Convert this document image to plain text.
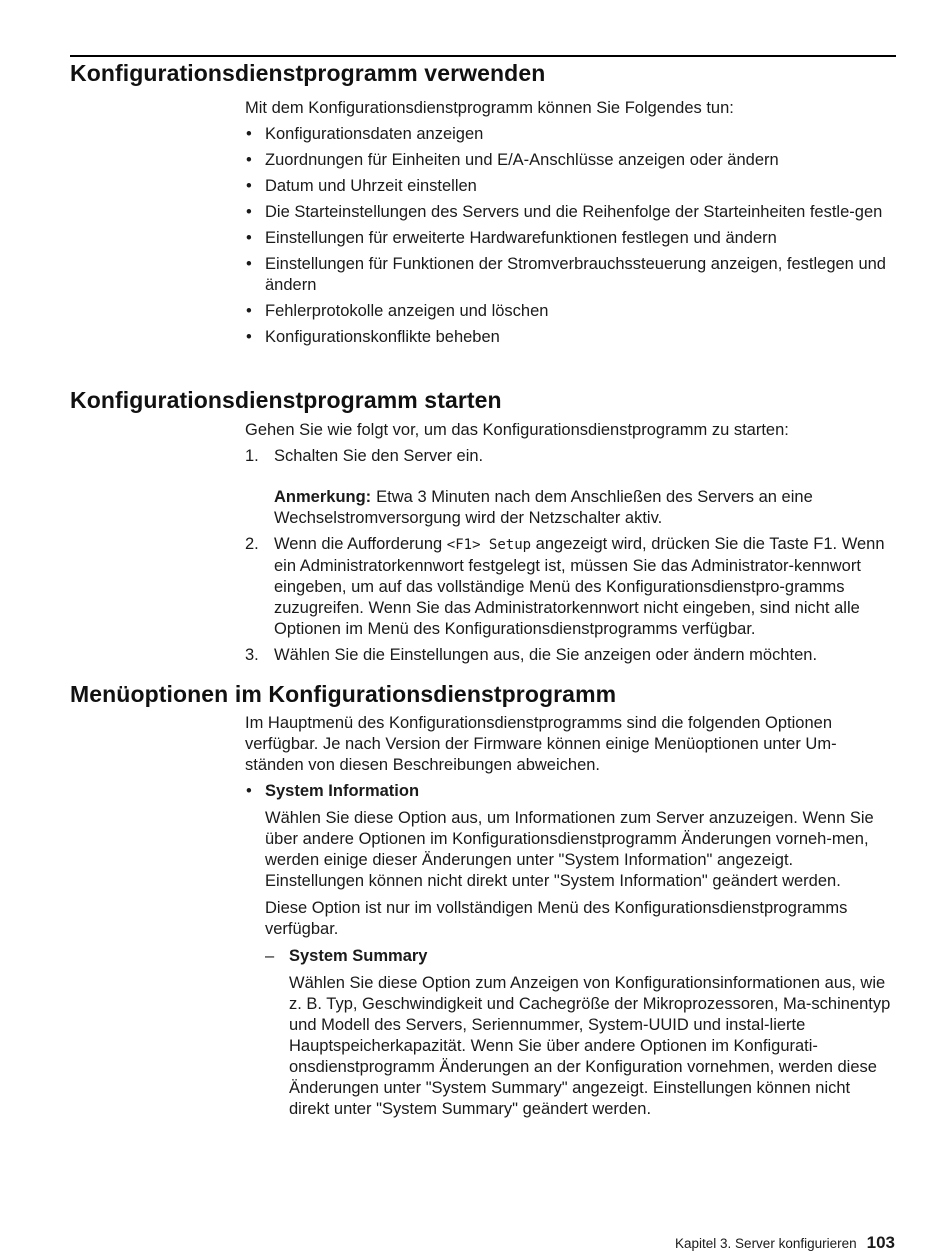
Konfigurationsdienstprogramm verwenden

Mit dem Konfigurationsdienstprogramm können Sie Folgendes tun:

• Konfigurationsdaten anzeigen
• Zuordnungen für Einheiten und E/A-Anschlüsse anzeigen oder ändern
• Datum und Uhrzeit einstellen
• Die Starteinstellungen des Servers und die Reihenfolge der Starteinheiten festle-gen
• Einstellungen für erweiterte Hardwarefunktionen festlegen und ändern
• Einstellungen für Funktionen der Stromverbrauchssteuerung anzeigen, festlegen und ändern
• Fehlerprotokolle anzeigen und löschen
• Konfigurationskonflikte beheben
Konfigurationsdienstprogramm starten

Gehen Sie wie folgt vor, um das Konfigurationsdienstprogramm zu starten:

1. Schalten Sie den Server ein.

Anmerkung: Etwa 3 Minuten nach dem Anschließen des Servers an eine Wechselstromversorgung wird der Netzschalter aktiv.

2. Wenn die Aufforderung <F1> Setup angezeigt wird, drücken Sie die Taste F1. Wenn ein Administratorkennwort festgelegt ist, müssen Sie das Administrator-kennwort eingeben, um auf das vollständige Menü des Konfigurationsdienstpro-gramms zuzugreifen. Wenn Sie das Administratorkennwort nicht eingeben, sind nicht alle Optionen im Menü des Konfigurationsdienstprogramms verfügbar.
3. Wählen Sie die Einstellungen aus, die Sie anzeigen oder ändern möchten.
Menüoptionen im Konfigurationsdienstprogramm

Im Hauptmenü des Konfigurationsdienstprogramms sind die folgenden Optionen verfügbar. Je nach Version der Firmware können einige Menüoptionen unter Um-ständen von diesen Beschreibungen abweichen.

• System Information

Wählen Sie diese Option aus, um Informationen zum Server anzuzeigen. Wenn Sie über andere Optionen im Konfigurationsdienstprogramm Änderungen vorneh-men, werden einige dieser Änderungen unter "System Information" angezeigt. Einstellungen können nicht direkt unter "System Information" geändert werden.

Diese Option ist nur im vollständigen Menü des Konfigurationsdienstprogramms verfügbar.

– System Summary

Wählen Sie diese Option zum Anzeigen von Konfigurationsinformationen aus, wie z. B. Typ, Geschwindigkeit und Cachegröße der Mikroprozessoren, Ma-schinentyp und Modell des Servers, Seriennummer, System-UUID und instal-lierte Hauptspeicherkapazität. Wenn Sie über andere Optionen im Konfigurati-onsdienstprogramm Änderungen an der Konfiguration vornehmen, werden diese Änderungen unter "System Summary" angezeigt. Einstellungen können nicht direkt unter "System Summary" geändert werden.

Kapitel 3. Server konfigurieren 103
